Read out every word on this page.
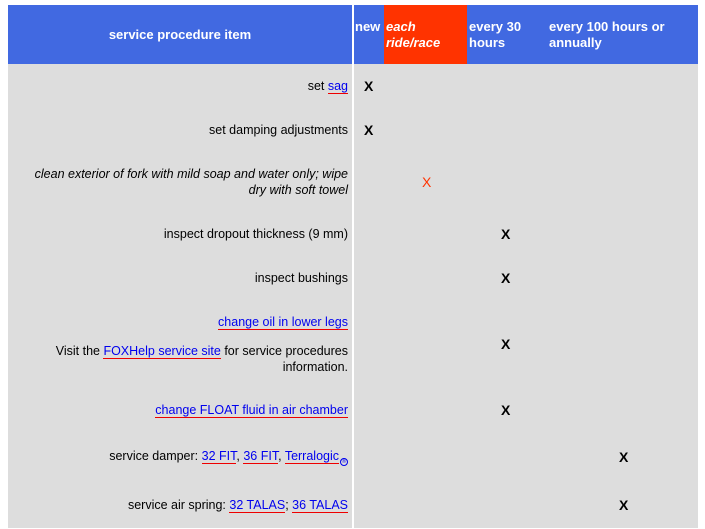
service procedure item	new	each ride/race	every 30 hours	every 100 hours or annually

set sag	X			
set damping adjustments	X			
clean exterior of fork with mild soap and water only; wipe dry with soft towel		X		
inspect dropout thickness (9 mm)			X	
inspect bushings			X	

change oil in lower legs
Visit the FOXHelp service site for service procedures information.			X	
change FLOAT fluid in air chamber			X	
service damper: 32 FIT, 36 FIT, Terralogic ®				X
service air spring: 32 TALAS; 36 TALAS				X
